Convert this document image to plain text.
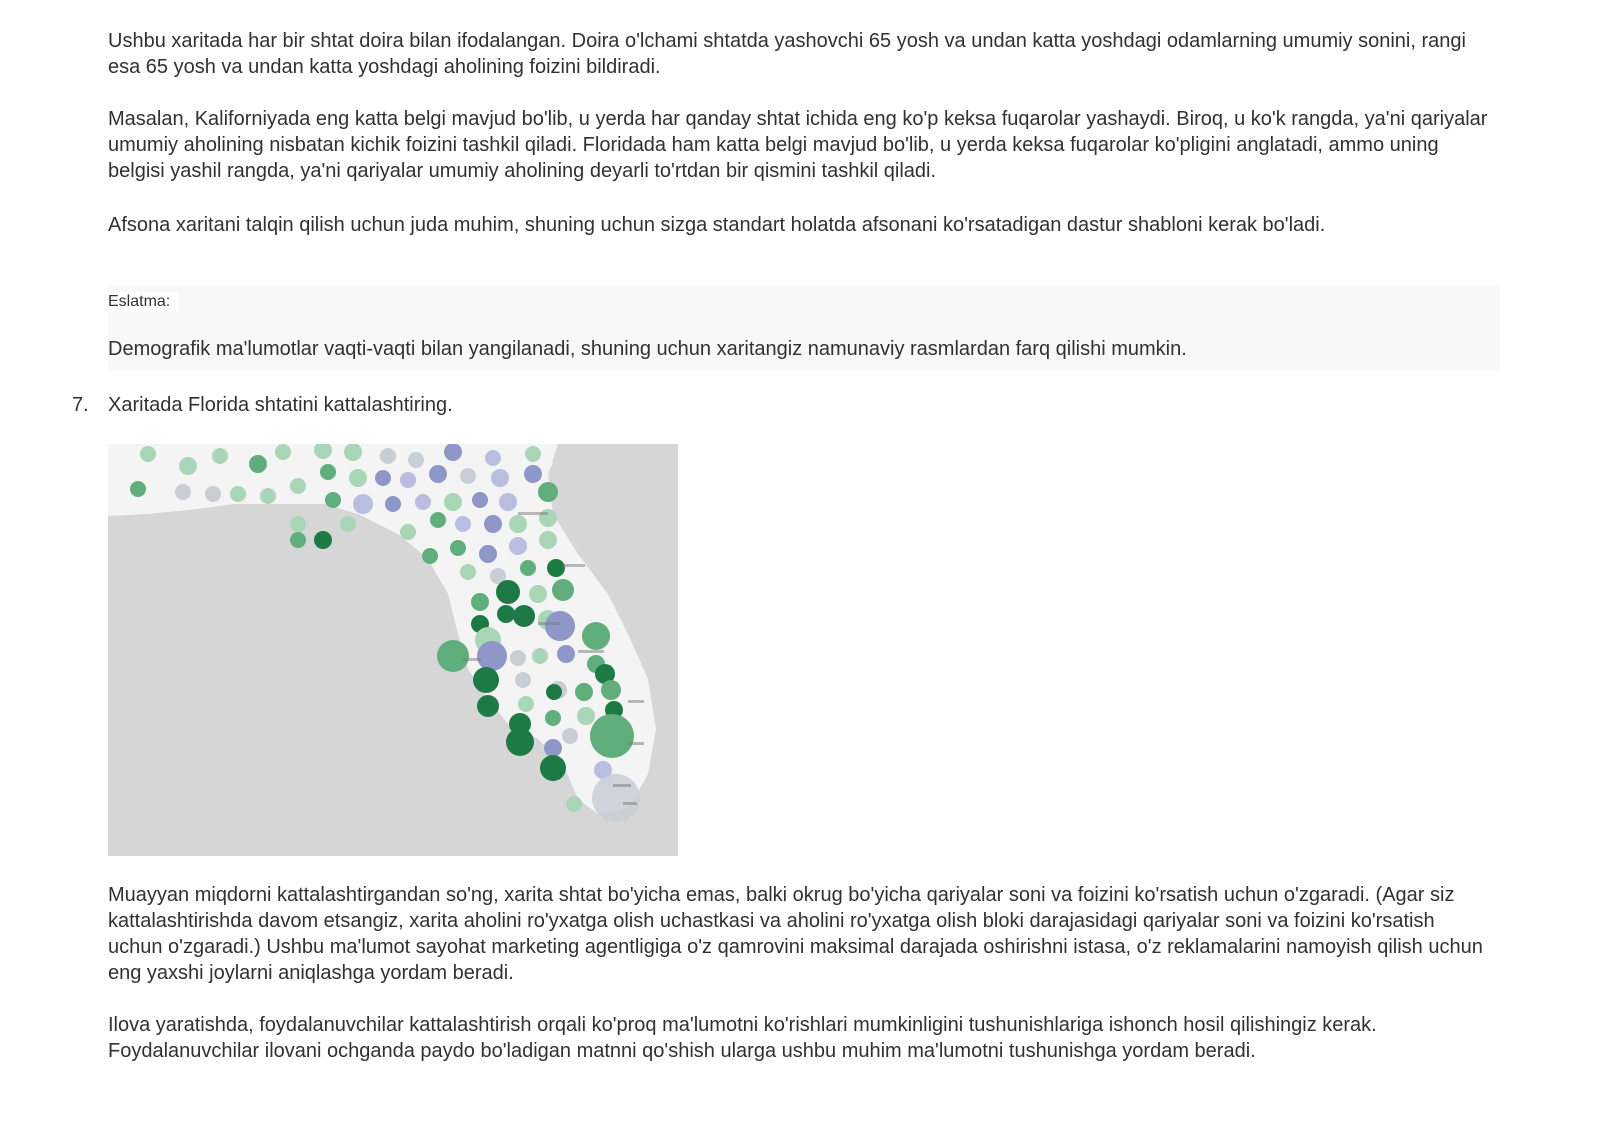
Ushbu xaritada har bir shtat doira bilan ifodalangan. Doira o'lchami shtatda yashovchi 65 yosh va undan katta yoshdagi odamlarning umumiy sonini, rangi esa 65 yosh va undan katta yoshdagi aholining foizini bildiradi.

Masalan, Kaliforniyada eng katta belgi mavjud bo'lib, u yerda har qanday shtat ichida eng ko'p keksa fuqarolar yashaydi. Biroq, u ko'k rangda, ya'ni qariyalar umumiy aholining nisbatan kichik foizini tashkil qiladi. Floridada ham katta belgi mavjud bo'lib, u yerda keksa fuqarolar ko'pligini anglatadi, ammo uning belgisi yashil rangda, ya'ni qariyalar umumiy aholining deyarli to'rtdan bir qismini tashkil qiladi.

Afsona xaritani talqin qilish uchun juda muhim, shuning uchun sizga standart holatda afsonani ko'rsatadigan dastur shabloni kerak bo'ladi.

Eslatma:
Demografik ma'lumotlar vaqti-vaqti bilan yangilanadi, shuning uchun xaritangiz namunaviy rasmlardan farq qilishi mumkin.
7. Xaritada Florida shtatini kattalashtiring.

Muayyan miqdorni kattalashtirgandan so'ng, xarita shtat bo'yicha emas, balki okrug bo'yicha qariyalar soni va foizini ko'rsatish uchun o'zgaradi. (Agar siz kattalashtirishda davom etsangiz, xarita aholini ro'yxatga olish uchastkasi va aholini ro'yxatga olish bloki darajasidagi qariyalar soni va foizini ko'rsatish uchun o'zgaradi.) Ushbu ma'lumot sayohat marketing agentligiga o'z qamrovini maksimal darajada oshirishni istasa, o'z reklamalarini namoyish qilish uchun eng yaxshi joylarni aniqlashga yordam beradi.

Ilova yaratishda, foydalanuvchilar kattalashtirish orqali ko'proq ma'lumotni ko'rishlari mumkinligini tushunishlariga ishonch hosil qilishingiz kerak. Foydalanuvchilar ilovani ochganda paydo bo'ladigan matnni qo'shish ularga ushbu muhim ma'lumotni tushunishga yordam beradi.
